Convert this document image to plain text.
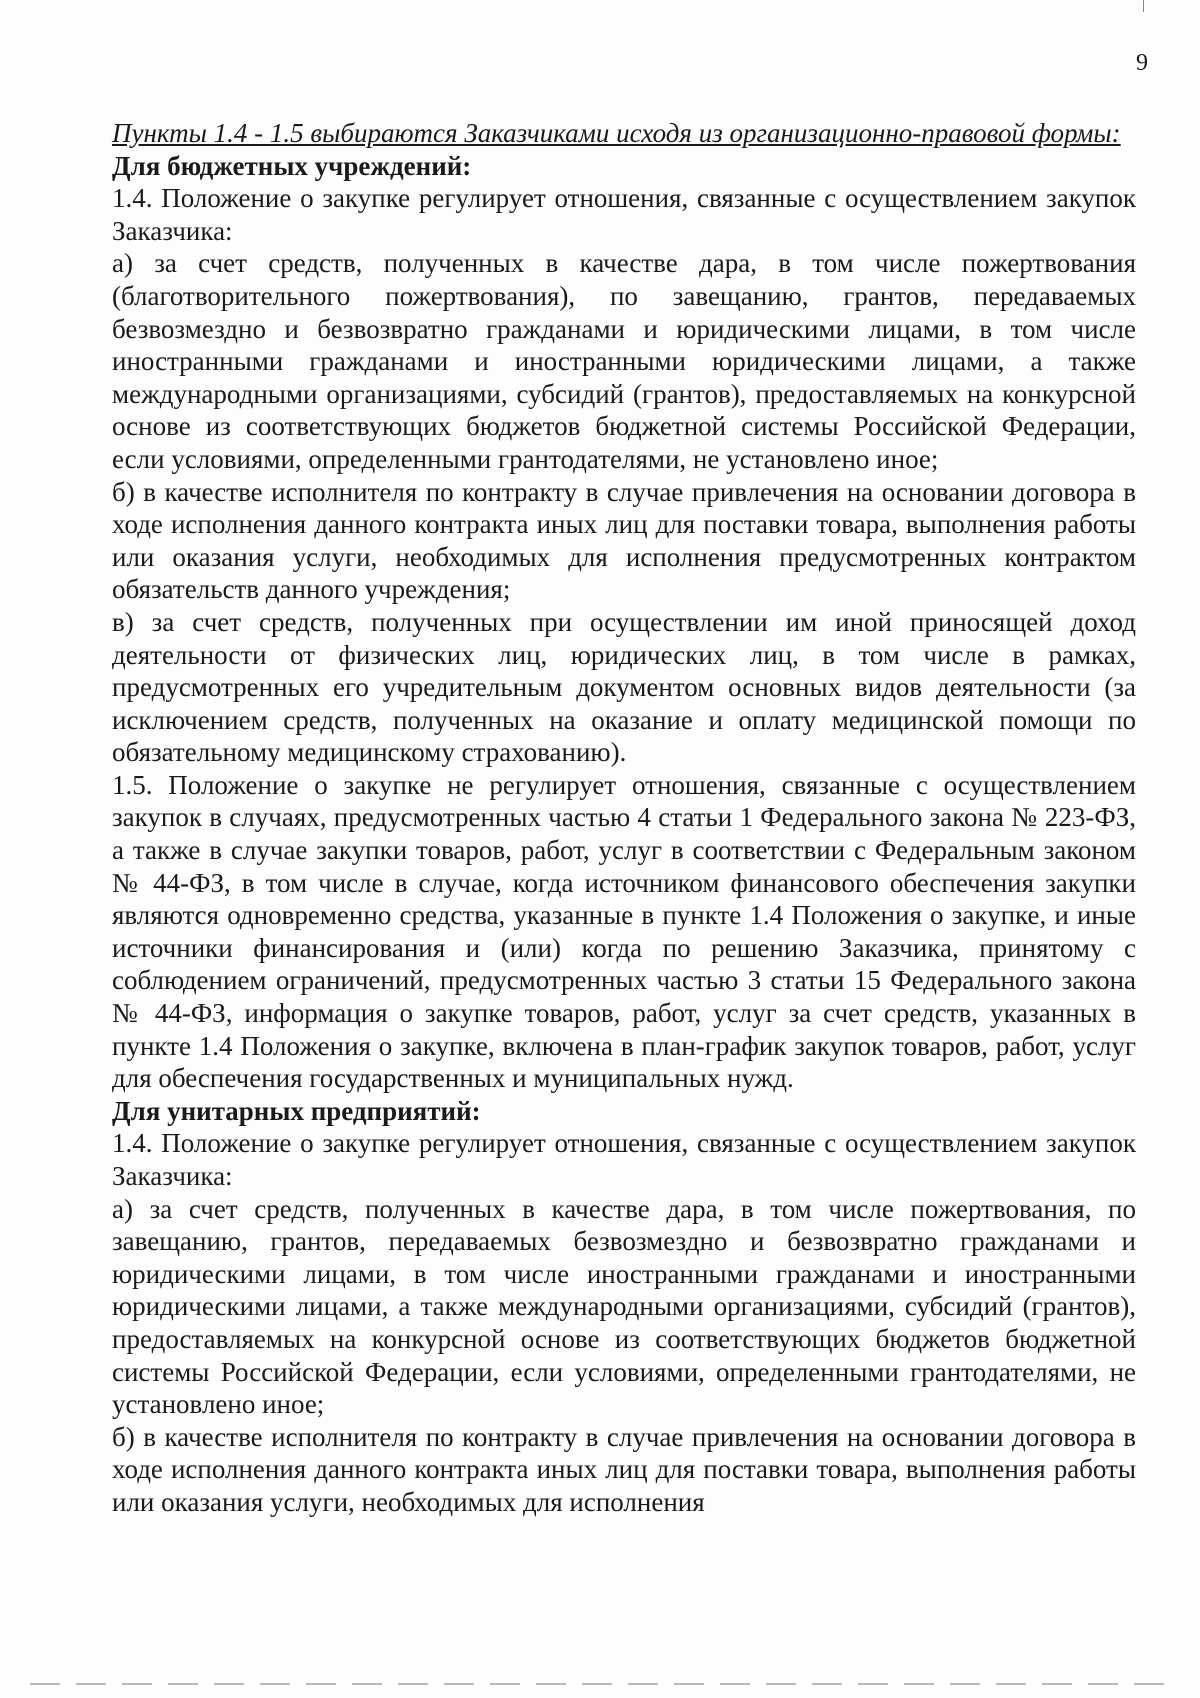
9

Пункты 1.4 - 1.5 выбираются Заказчиками исходя из организационно-правовой формы:

Для бюджетных учреждений:

1.4. Положение о закупке регулирует отношения, связанные с осуществлением закупок Заказчика:

а) за счет средств, полученных в качестве дара, в том числе пожертвования (благотворительного пожертвования), по завещанию, грантов, передаваемых безвозмездно и безвозвратно гражданами и юридическими лицами, в том числе иностранными гражданами и иностранными юридическими лицами, а также международными организациями, субсидий (грантов), предоставляемых на конкурсной основе из соответствующих бюджетов бюджетной системы Российской Федерации, если условиями, определенными грантодателями, не установлено иное;

б) в качестве исполнителя по контракту в случае привлечения на основании договора в ходе исполнения данного контракта иных лиц для поставки товара, выполнения работы или оказания услуги, необходимых для исполнения предусмотренных контрактом обязательств данного учреждения;

в) за счет средств, полученных при осуществлении им иной приносящей доход деятельности от физических лиц, юридических лиц, в том числе в рамках, предусмотренных его учредительным документом основных видов деятельности (за исключением средств, полученных на оказание и оплату медицинской помощи по обязательному медицинскому страхованию).

1.5. Положение о закупке не регулирует отношения, связанные с осуществлением закупок в случаях, предусмотренных частью 4 статьи 1 Федерального закона № 223-ФЗ, а также в случае закупки товаров, работ, услуг в соответствии с Федеральным законом № 44-ФЗ, в том числе в случае, когда источником финансового обеспечения закупки являются одновременно средства, указанные в пункте 1.4 Положения о закупке, и иные источники финансирования и (или) когда по решению Заказчика, принятому с соблюдением ограничений, предусмотренных частью 3 статьи 15 Федерального закона № 44-ФЗ, информация о закупке товаров, работ, услуг за счет средств, указанных в пункте 1.4 Положения о закупке, включена в план-график закупок товаров, работ, услуг для обеспечения государственных и муниципальных нужд.

Для унитарных предприятий:

1.4. Положение о закупке регулирует отношения, связанные с осуществлением закупок Заказчика:

а) за счет средств, полученных в качестве дара, в том числе пожертвования, по завещанию, грантов, передаваемых безвозмездно и безвозвратно гражданами и юридическими лицами, в том числе иностранными гражданами и иностранными юридическими лицами, а также международными организациями, субсидий (грантов), предоставляемых на конкурсной основе из соответствующих бюджетов бюджетной системы Российской Федерации, если условиями, определенными грантодателями, не установлено иное;

б) в качестве исполнителя по контракту в случае привлечения на основании договора в ходе исполнения данного контракта иных лиц для поставки товара, выполнения работы или оказания услуги, необходимых для исполнения
